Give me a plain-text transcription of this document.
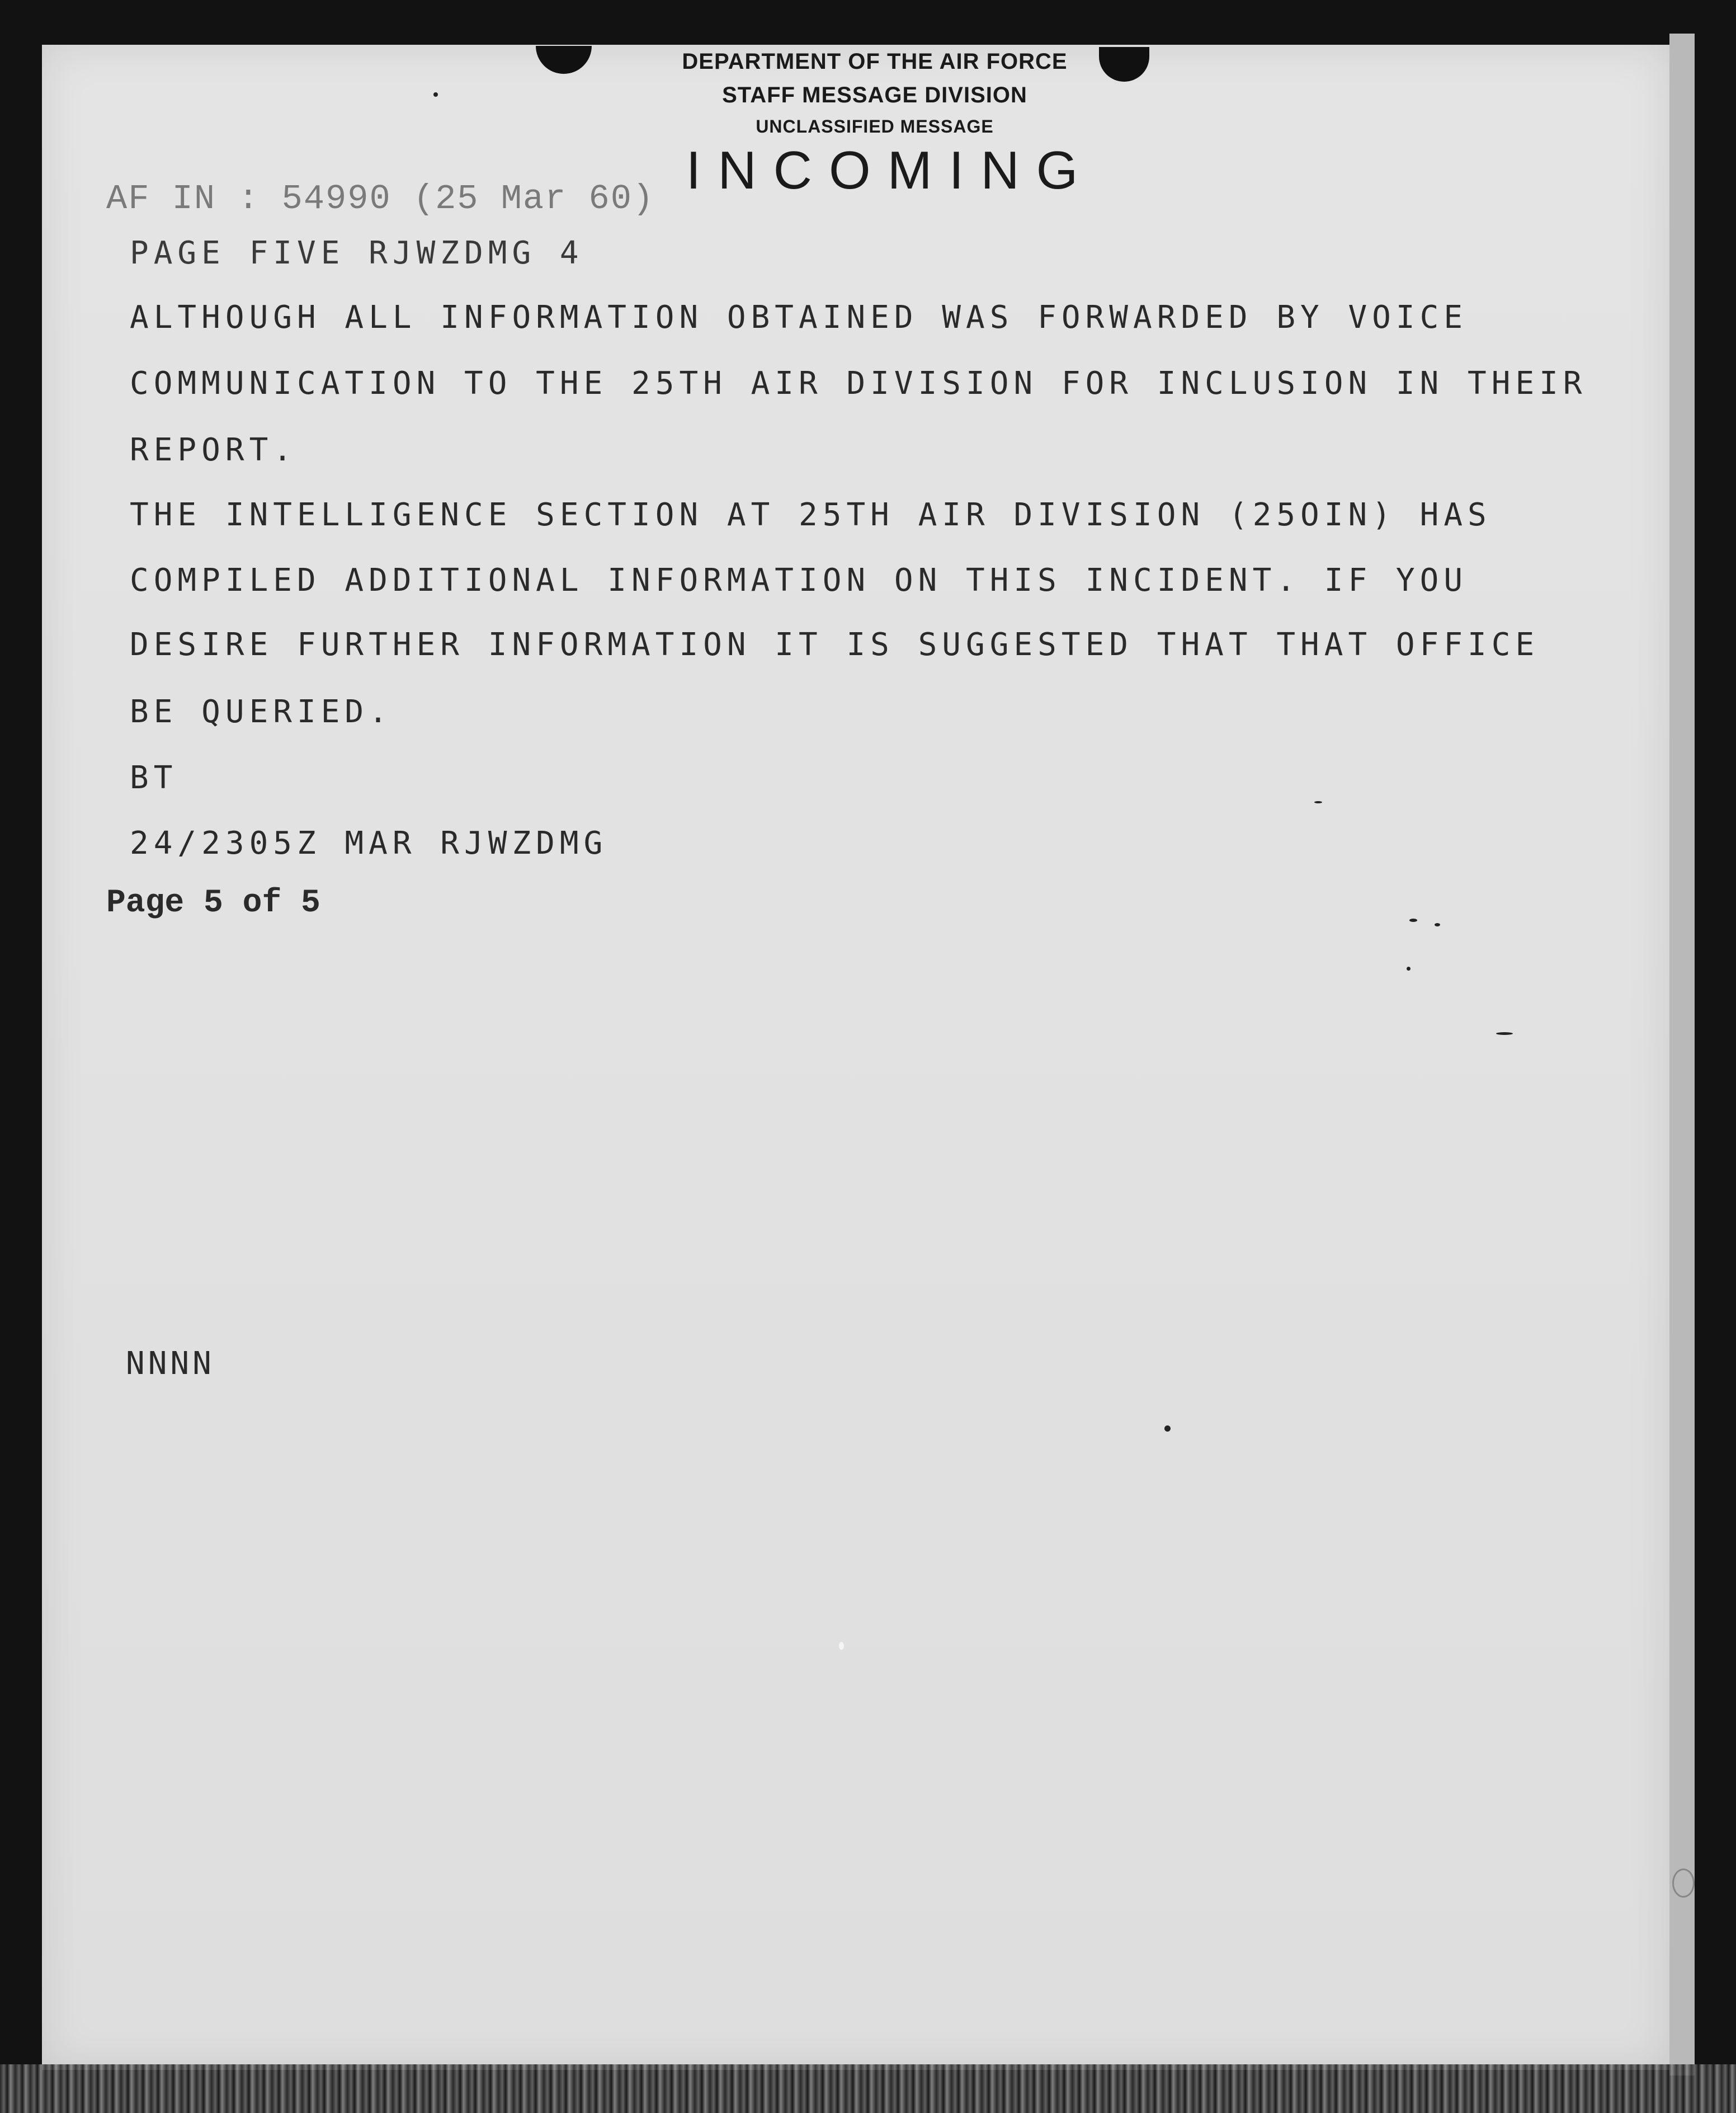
DEPARTMENT OF THE AIR FORCE
STAFF MESSAGE DIVISION
UNCLASSIFIED MESSAGE
INCOMING
AF IN : 54990 (25 Mar 60)
PAGE FIVE RJWZDMG 4
ALTHOUGH ALL INFORMATION OBTAINED WAS FORWARDED BY VOICE
COMMUNICATION TO THE 25TH AIR DIVISION FOR INCLUSION IN THEIR
REPORT.
THE INTELLIGENCE SECTION AT 25TH AIR DIVISION (25OIN) HAS
COMPILED ADDITIONAL INFORMATION ON THIS INCIDENT. IF YOU
DESIRE FURTHER INFORMATION IT IS SUGGESTED THAT THAT OFFICE
BE QUERIED.
BT
24/2305Z MAR RJWZDMG
Page 5 of 5
NNNN
